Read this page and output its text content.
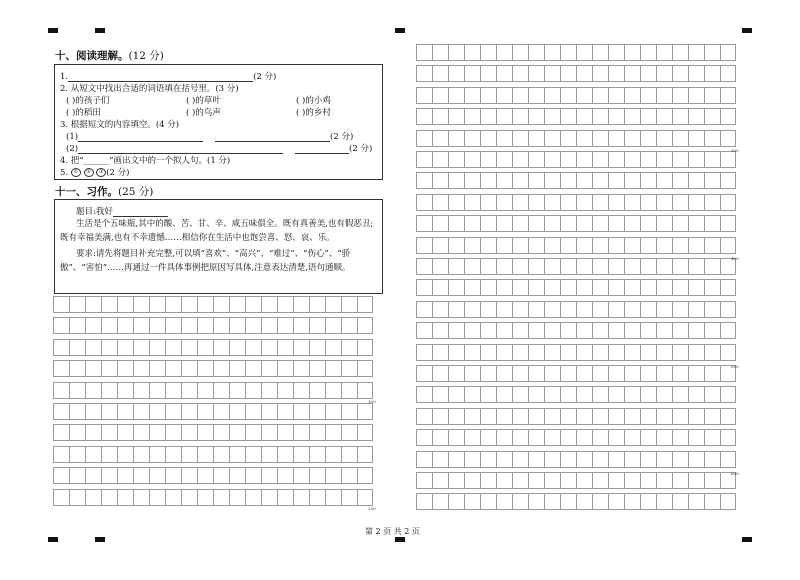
十、阅读理解。(12 分)
1.	(2 分)
2. 从短文中找出合适的词语填在括号里。(3 分)
( )的孩子们	( )的草叶	( )的小鸡
( )的稻田	( )的鸟声	( )的乡村
3. 根据短文的内容填空。(4 分)
(1)	(2 分)
(2)	(2 分)
4. 把“______”画出文中的一个拟人句。(1 分)
5. ① ② ③ (2 分)
十一、习作。(25 分)
题目:我好
生活是个五味瓶,其中的酸、苦、甘、辛、咸五味俱全。既有真善美,也有假恶丑;既有幸福美满,也有不幸遗憾……相信你在生活中也饱尝喜、怒、哀、乐。
要求:请先将题目补充完整,可以填“喜欢”、“高兴”、“难过”、“伤心”、“骄傲”、“害怕”……再通过一件具体事例把原因写具体,注意表达清楚,语句通顺。
100
200
300
400
500
600
第 2 页 共 2 页
